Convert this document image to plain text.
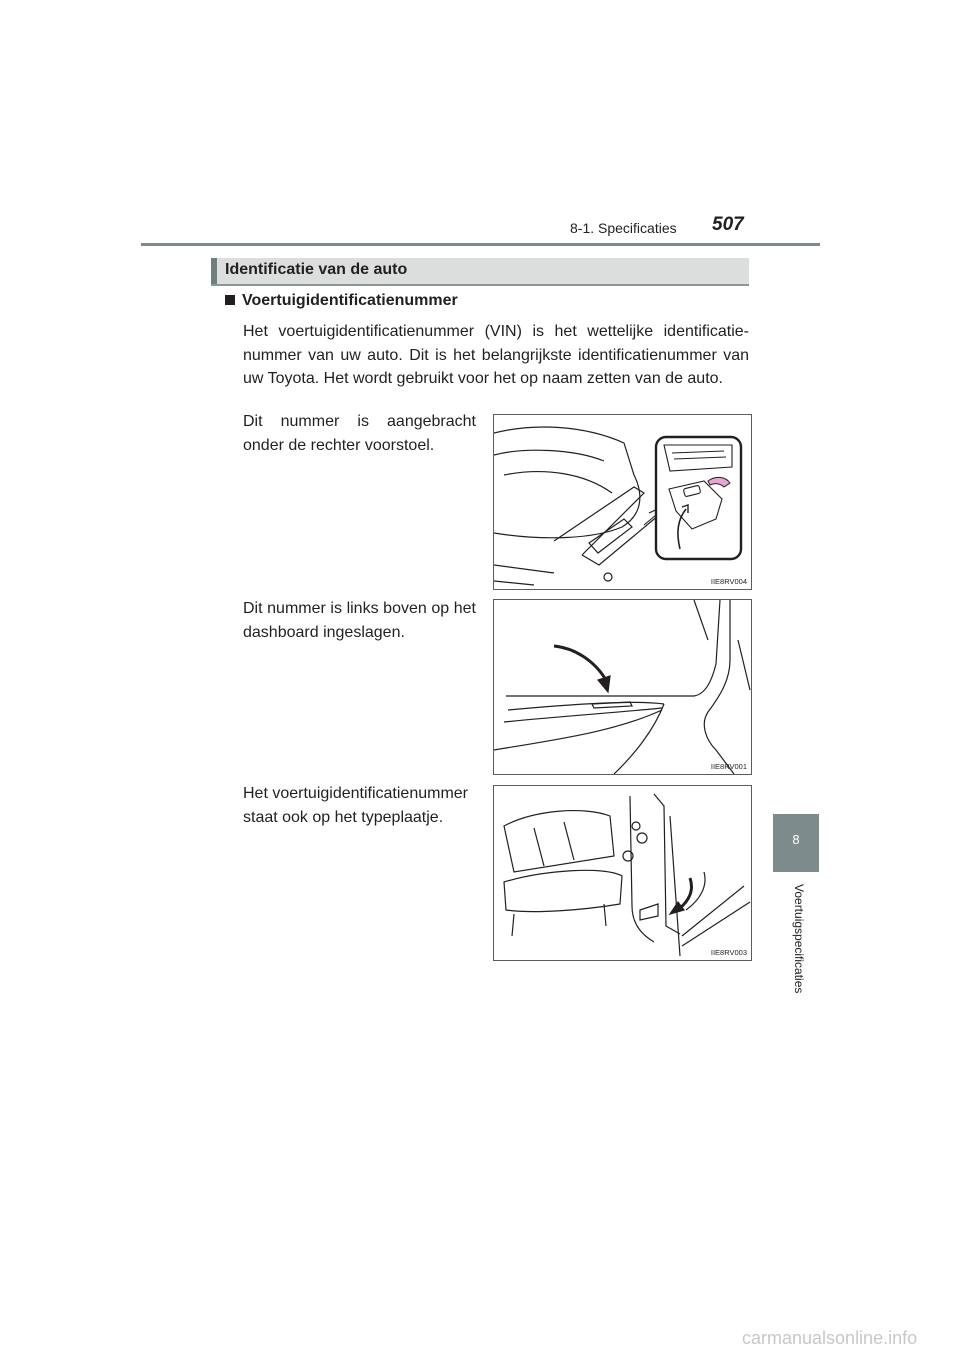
8-1. Specificaties 507
Identificatie van de auto
Voertuigidentificatienummer
Het voertuigidentificatienummer (VIN) is het wettelijke identificatienummer van uw auto. Dit is het belangrijkste identificatienummer van uw Toyota. Het wordt gebruikt voor het op naam zetten van de auto.
Dit nummer is aangebracht onder de rechter voorstoel.
IIE8RV004
Dit nummer is links boven op het dashboard ingeslagen.
IIE8RV001
Het voertuigidentificatienummer staat ook op het typeplaatje.
IIE8RV003
8
Voertuigspecificaties
carmanualsonline.info
